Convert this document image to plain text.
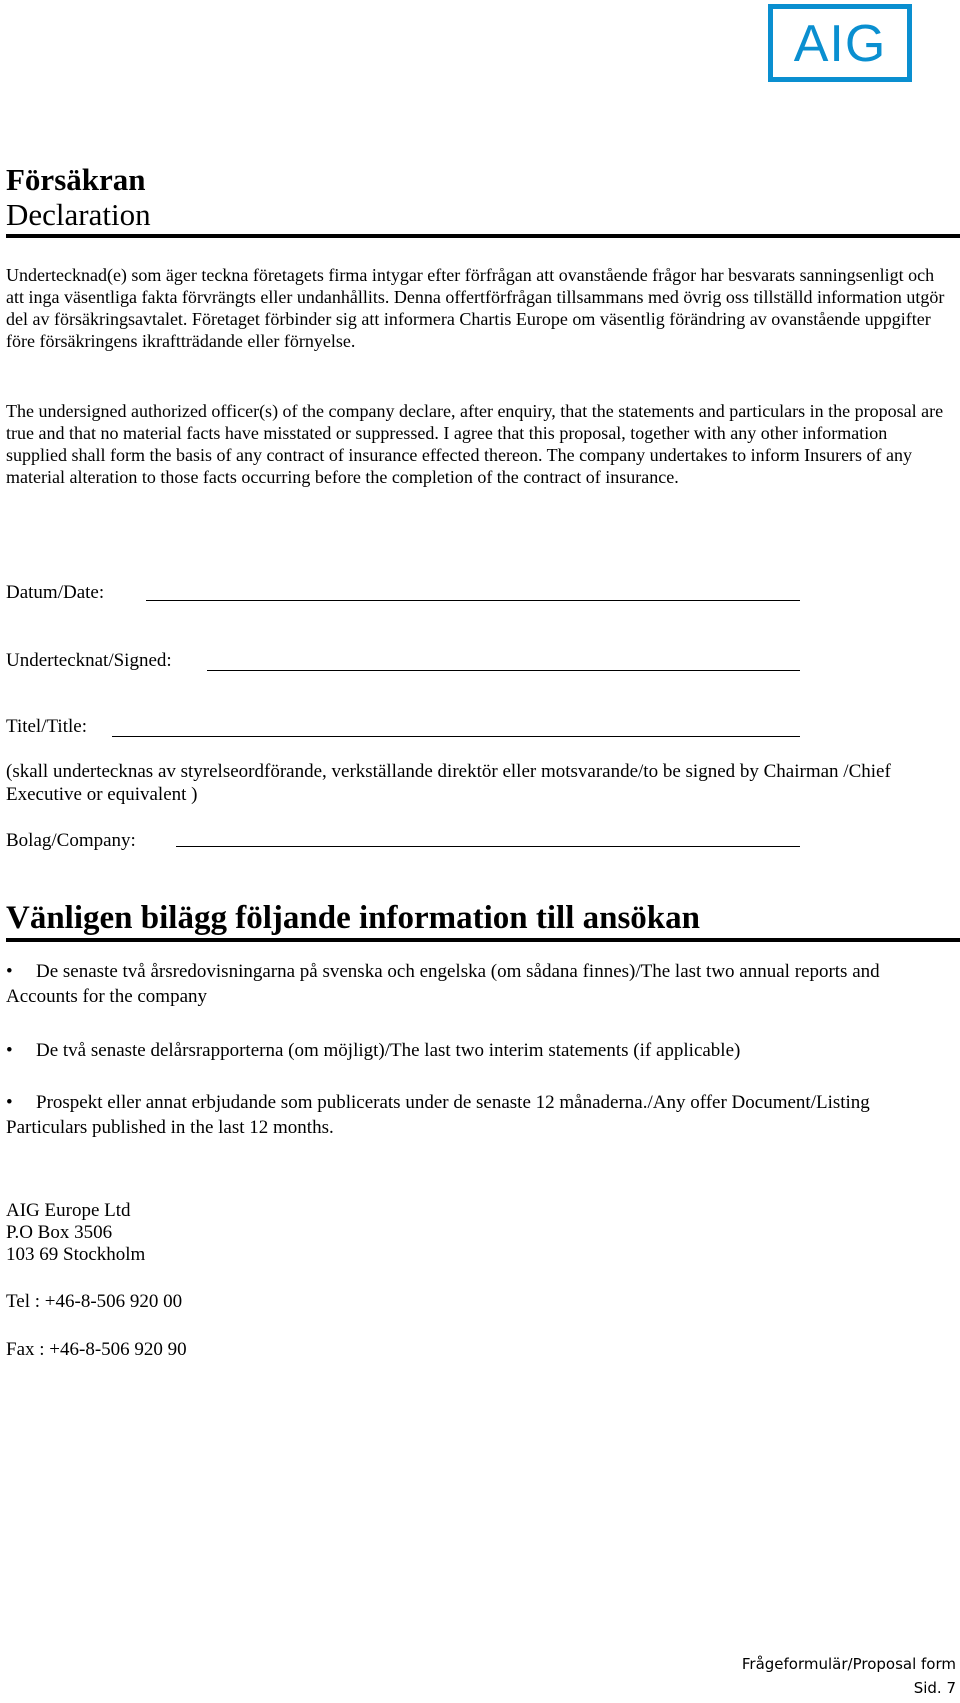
AIG
Försäkran
Declaration

Undertecknad(e) som äger teckna företagets firma intygar efter förfrågan att ovanstående frågor har besvarats sanningsenligt och att inga väsentliga fakta förvrängts eller undanhållits. Denna offertförfrågan tillsammans med övrig oss tillställd information utgör del av försäkringsavtalet. Företaget förbinder sig att informera Chartis Europe om väsentlig förändring av ovanstående uppgifter före försäkringens ikraftträdande eller förnyelse.

The undersigned authorized officer(s) of the company declare, after enquiry, that the statements and particulars in the proposal are true and that no material facts have misstated or suppressed. I agree that this proposal, together with any other information supplied shall form the basis of any contract of insurance effected thereon. The company undertakes to inform Insurers of any material alteration to those facts occurring before the completion of the contract of insurance.

Datum/Date:
Undertecknat/Signed:
Titel/Title:

(skall undertecknas av styrelseordförande, verkställande direktör eller motsvarande/to be signed by Chairman /Chief Executive or equivalent )

Bolag/Company:
Vänligen bilägg följande information till ansökan

• De senaste två årsredovisningarna på svenska och engelska (om sådana finnes)/The last two annual reports and Accounts for the company

• De två senaste delårsrapporterna (om möjligt)/The last two interim statements (if applicable)

• Prospekt eller annat erbjudande som publicerats under de senaste 12 månaderna./Any offer Document/Listing Particulars published in the last 12 months.

AIG Europe Ltd
P.O Box 3506
103 69 Stockholm
Tel : +46-8-506 920 00
Fax : +46-8-506 920 90
Frågeformulär/Proposal form
Sid. 7
